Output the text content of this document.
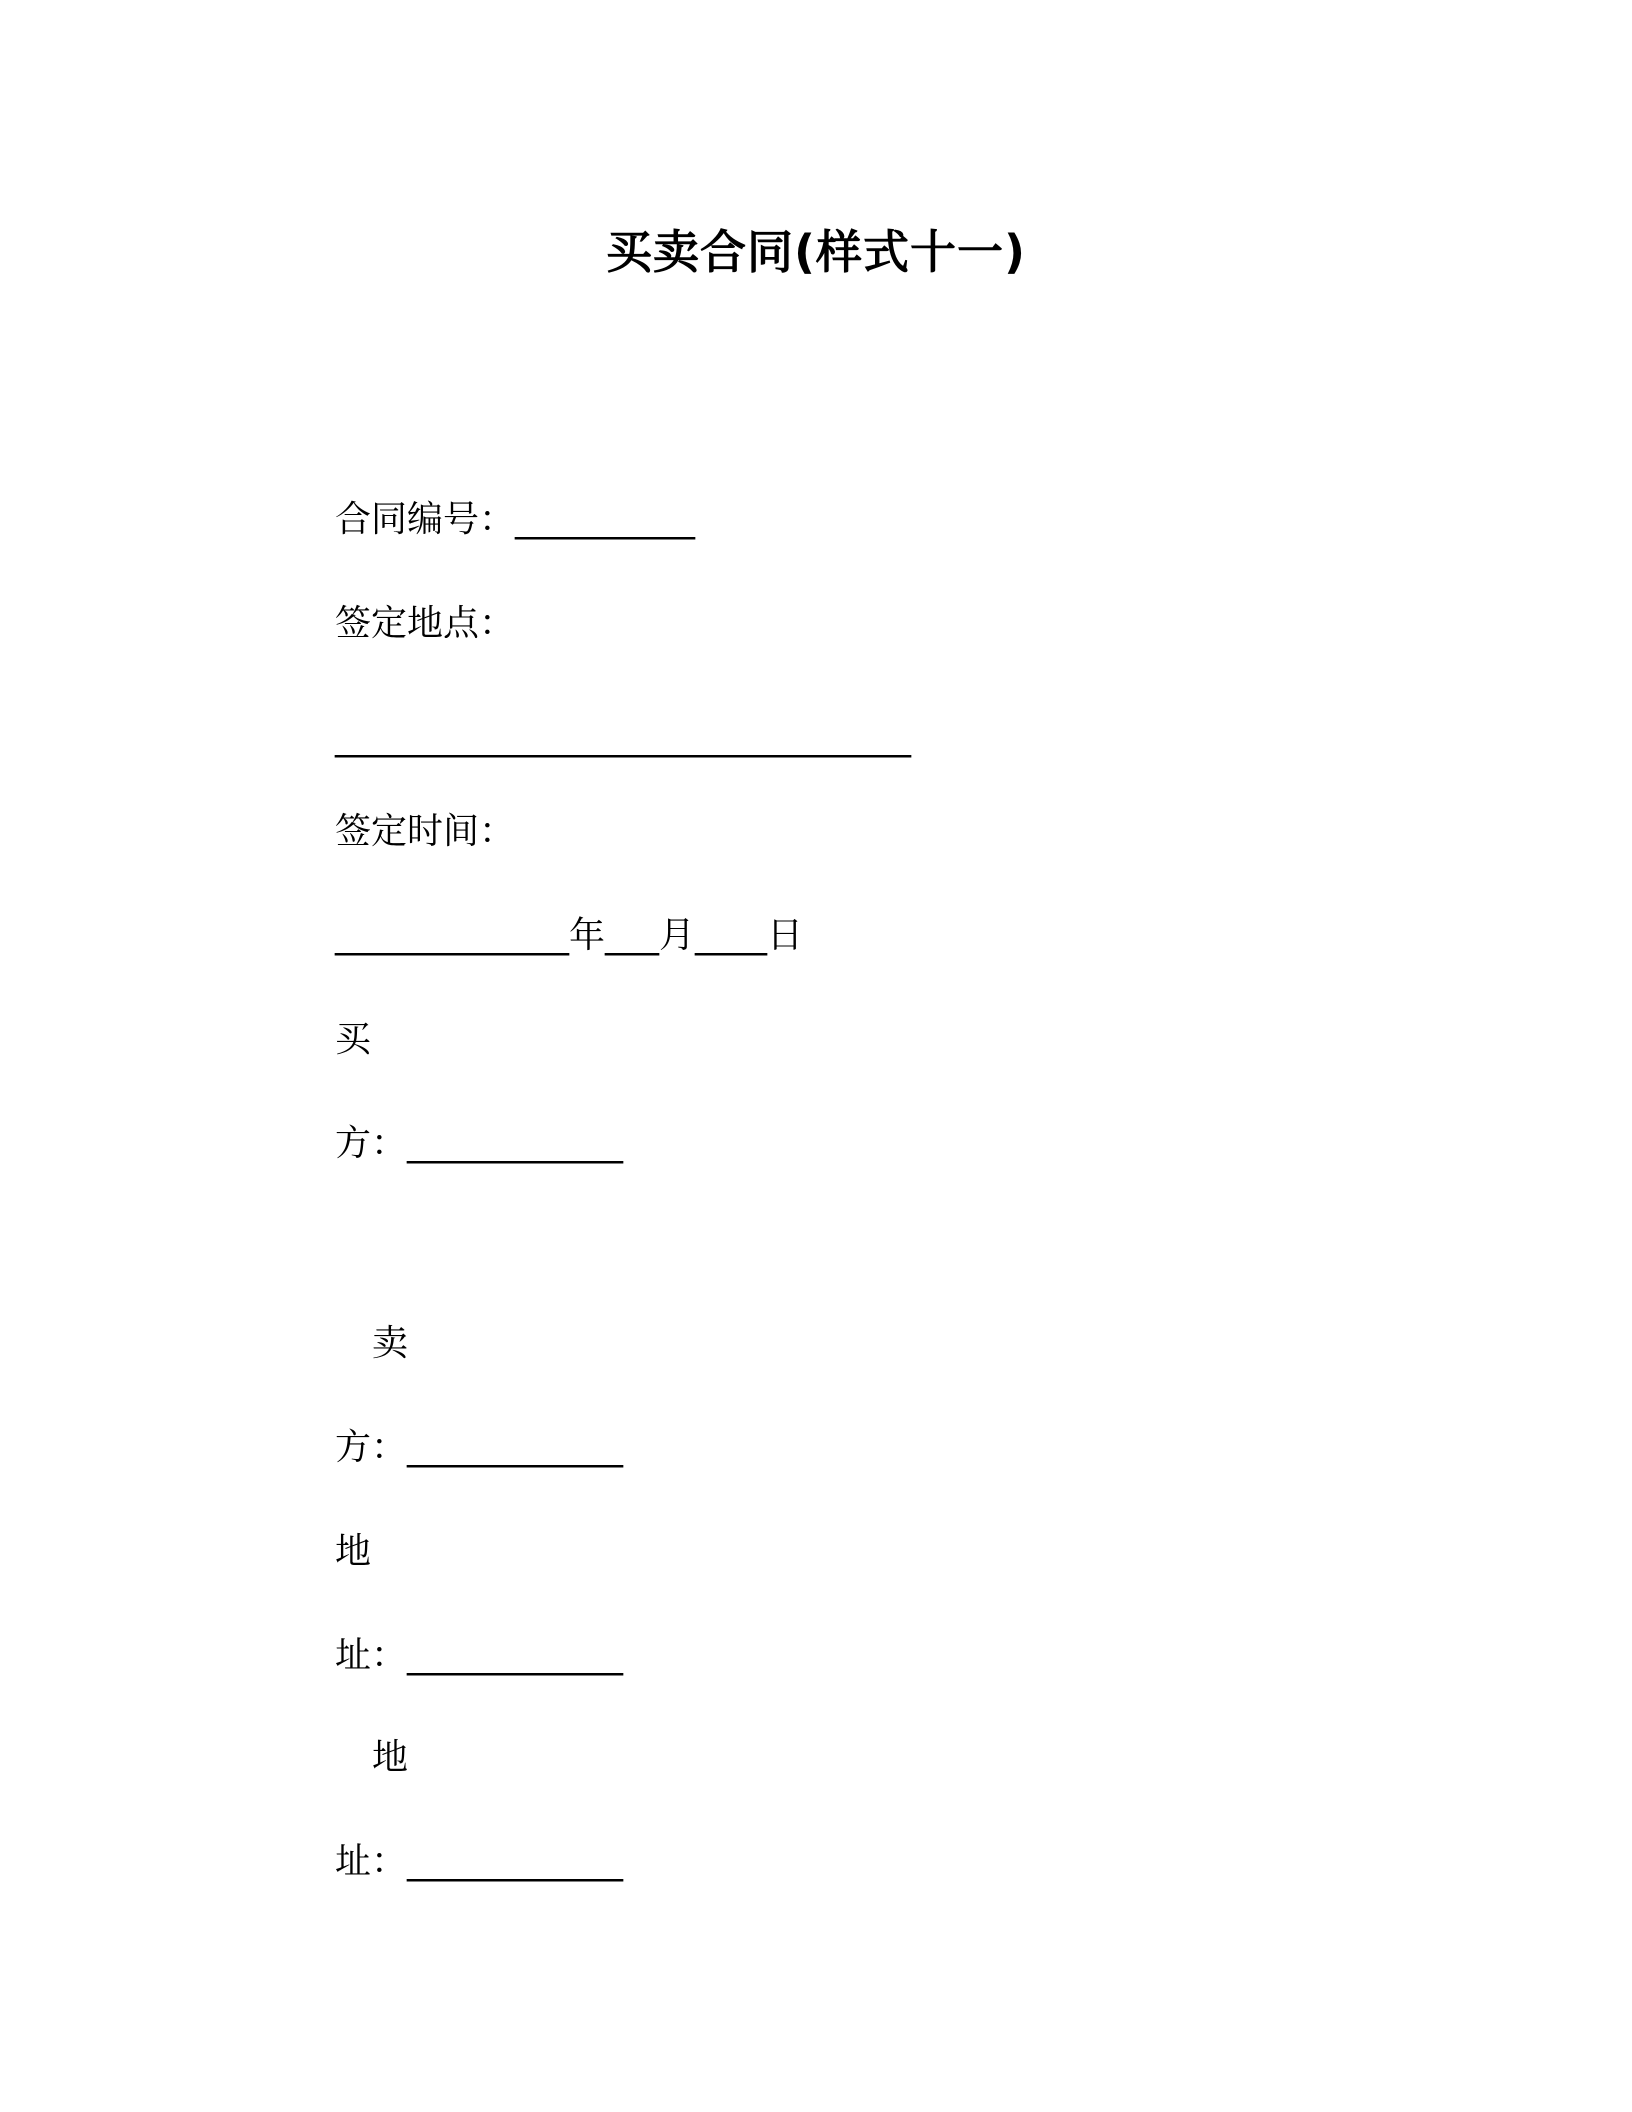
买卖合同(样式十一)
合同编号：__________
签定地点：
________________________________
签定时间：
_____________年___月____日
买
方：____________
卖
方：____________
地
址：____________
地
址：____________
